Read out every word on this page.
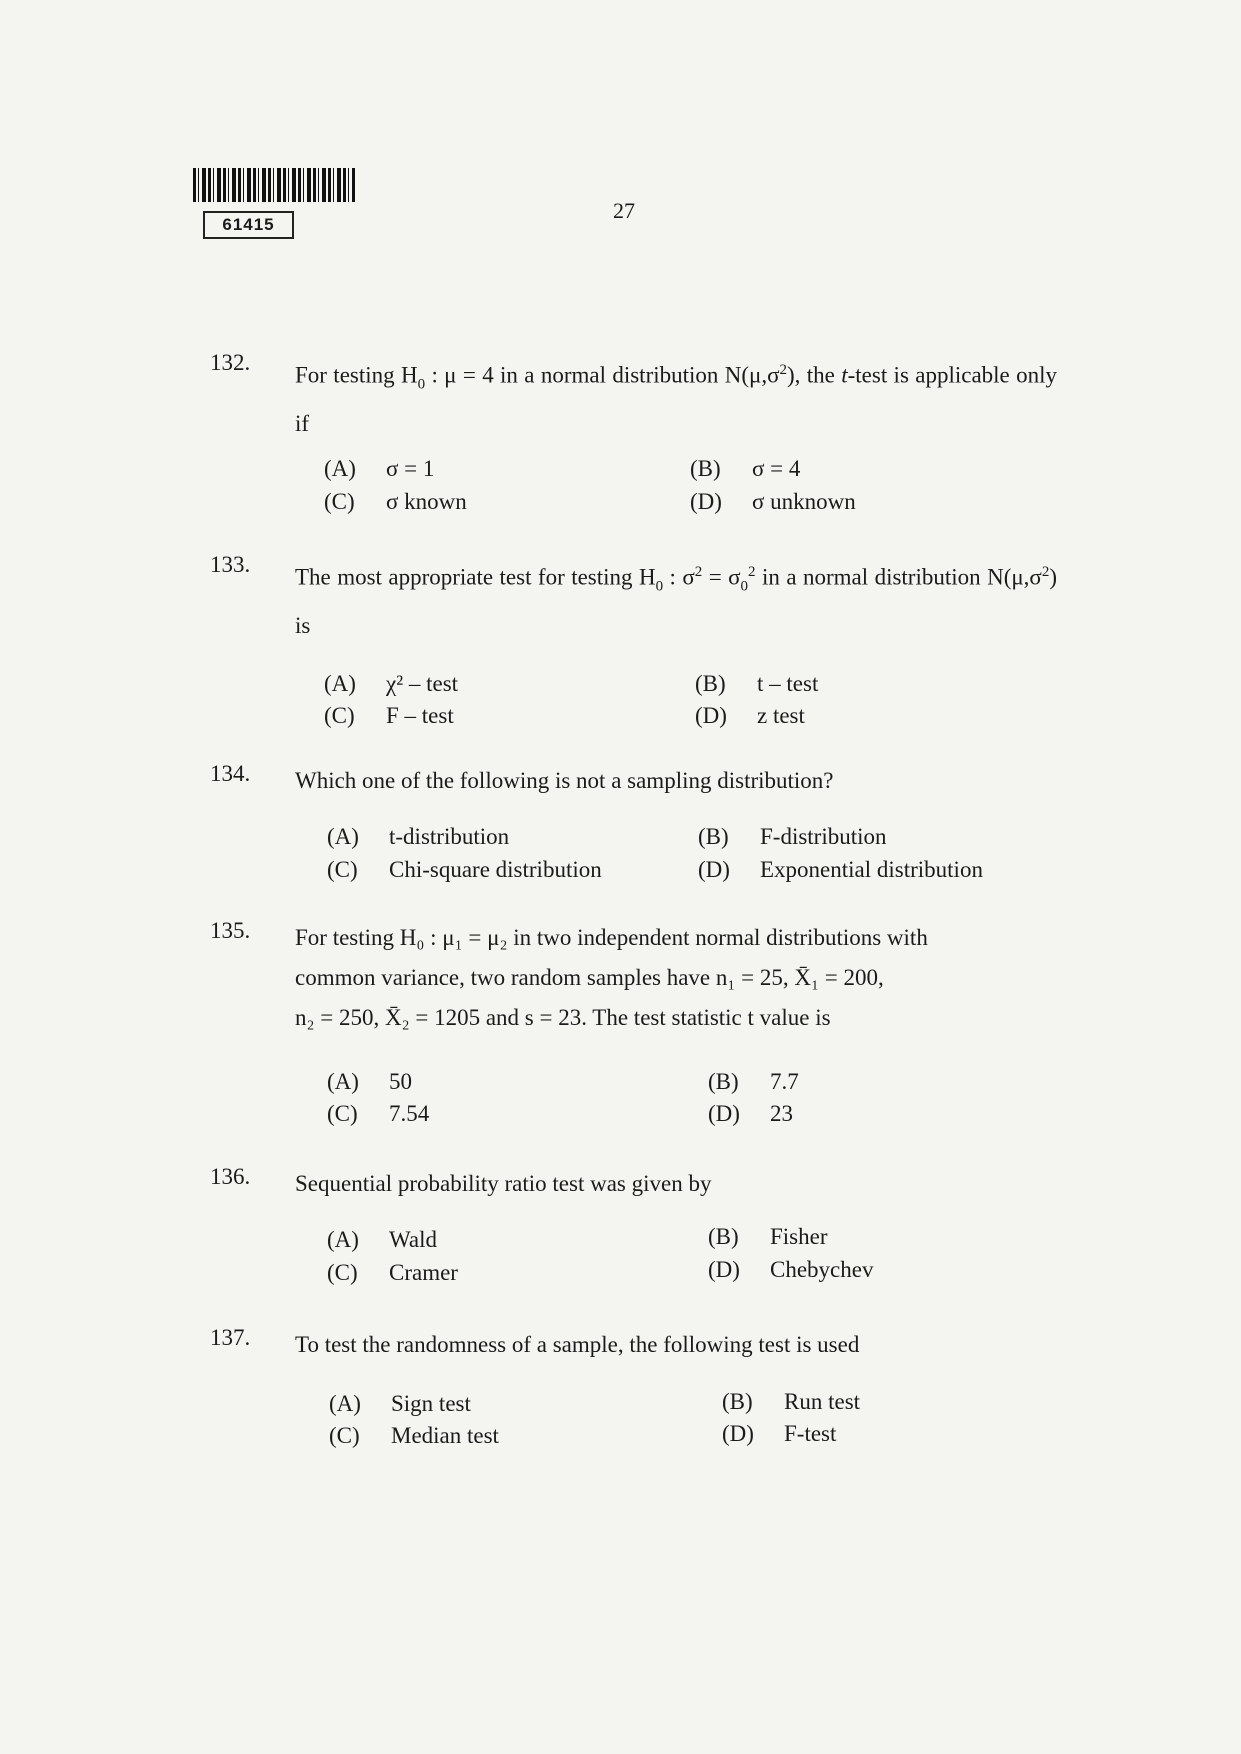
61415
27
132.
For testing $H_0$ : μ = 4 in a normal distribution $N(\mu,\sigma^2)$, the t-test is applicable only if
(A) σ = 1	(B) σ = 4
(C) σ known	(D) σ unknown
133.
The most appropriate test for testing $H_0$ : $\sigma^2 = \sigma_0^2$ in a normal distribution $N(\mu,\sigma^2)$ is
(A) χ² – test	(B) t – test
(C) F – test	(D) z test
134. Which one of the following is not a sampling distribution?
(A) t-distribution	(B) F-distribution
(C) Chi-square distribution	(D) Exponential distribution
135. For testing H₀ : μ₁ = μ₂ in two independent normal distributions with
common variance, two random samples have n₁ = 25, X̄₁ = 200,
n₂ = 250, X̄₂ = 1205 and s = 23. The test statistic t value is
(A) 50	(B) 7.7
(C) 7.54	(D) 23
136. Sequential probability ratio test was given by
(A) Wald	(B) Fisher
(C) Cramer	(D) Chebychev
137. To test the randomness of a sample, the following test is used
(A) Sign test	(B) Run test
(C) Median test	(D) F-test
